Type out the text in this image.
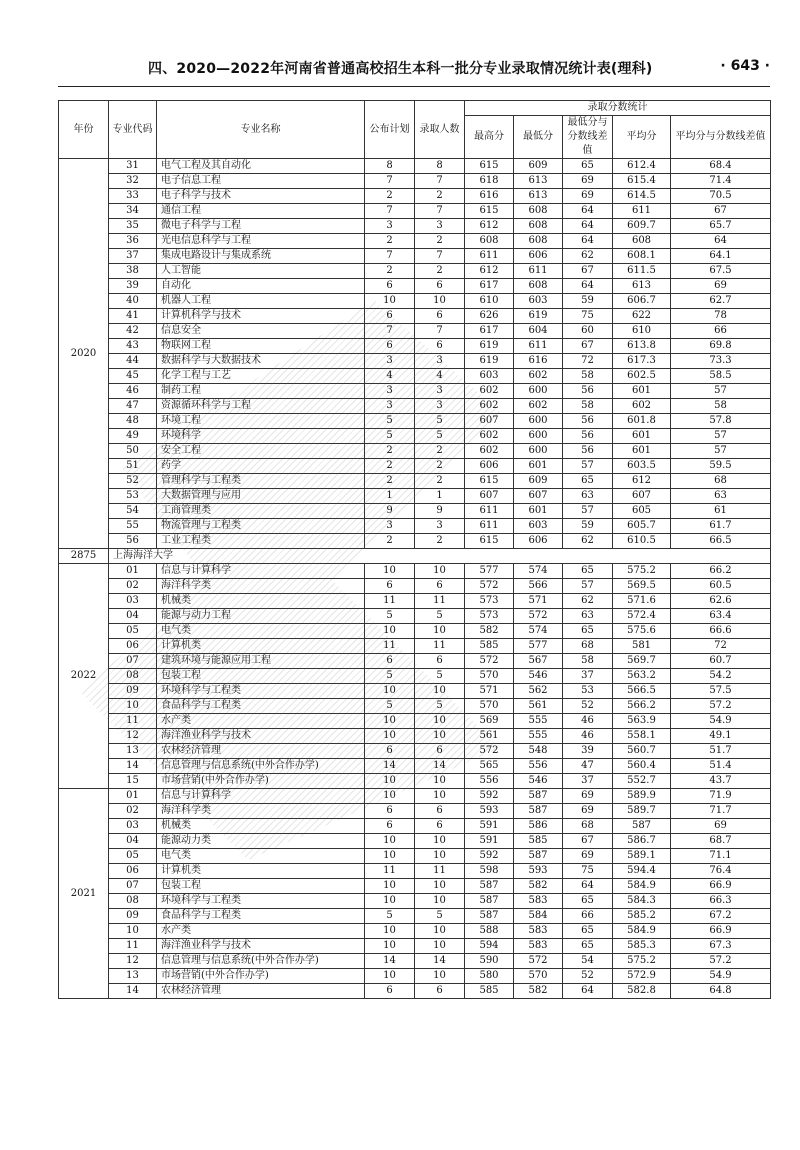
四、2020—2022年河南省普通高校招生本科一批分专业录取情况统计表(理科)	· 643 ·
年份	专业代码	专业名称	公布计划	录取人数	录取分数统计				
					最高分	最低分	最低分与分数线差值	平均分	平均分与分数线差值
2020	31	电气工程及其自动化	8	8	615	609	65	612.4	68.4
	32	电子信息工程	7	7	618	613	69	615.4	71.4
	33	电子科学与技术	2	2	616	613	69	614.5	70.5
	34	通信工程	7	7	615	608	64	611	67
	35	微电子科学与工程	3	3	612	608	64	609.7	65.7
	36	光电信息科学与工程	2	2	608	608	64	608	64
	37	集成电路设计与集成系统	7	7	611	606	62	608.1	64.1
	38	人工智能	2	2	612	611	67	611.5	67.5
	39	自动化	6	6	617	608	64	613	69
	40	机器人工程	10	10	610	603	59	606.7	62.7
	41	计算机科学与技术	6	6	626	619	75	622	78
	42	信息安全	7	7	617	604	60	610	66
	43	物联网工程	6	6	619	611	67	613.8	69.8
	44	数据科学与大数据技术	3	3	619	616	72	617.3	73.3
	45	化学工程与工艺	4	4	603	602	58	602.5	58.5
	46	制药工程	3	3	602	600	56	601	57
	47	资源循环科学与工程	3	3	602	602	58	602	58
	48	环境工程	5	5	607	600	56	601.8	57.8
	49	环境科学	5	5	602	600	56	601	57
	50	安全工程	2	2	602	600	56	601	57
	51	药学	2	2	606	601	57	603.5	59.5
	52	管理科学与工程类	2	2	615	609	65	612	68
	53	大数据管理与应用	1	1	607	607	63	607	63
	54	工商管理类	9	9	611	601	57	605	61
	55	物流管理与工程类	3	3	611	603	59	605.7	61.7
	56	工业工程类	2	2	615	606	62	610.5	66.5
2875	上海海洋大学								
2022	01	信息与计算科学	10	10	577	574	65	575.2	66.2
	02	海洋科学类	6	6	572	566	57	569.5	60.5
	03	机械类	11	11	573	571	62	571.6	62.6
	04	能源与动力工程	5	5	573	572	63	572.4	63.4
	05	电气类	10	10	582	574	65	575.6	66.6
	06	计算机类	11	11	585	577	68	581	72
	07	建筑环境与能源应用工程	6	6	572	567	58	569.7	60.7
	08	包装工程	5	5	570	546	37	563.2	54.2
	09	环境科学与工程类	10	10	571	562	53	566.5	57.5
	10	食品科学与工程类	5	5	570	561	52	566.2	57.2
	11	水产类	10	10	569	555	46	563.9	54.9
	12	海洋渔业科学与技术	10	10	561	555	46	558.1	49.1
	13	农林经济管理	6	6	572	548	39	560.7	51.7
	14	信息管理与信息系统(中外合作办学)	14	14	565	556	47	560.4	51.4
	15	市场营销(中外合作办学)	10	10	556	546	37	552.7	43.7
2021	01	信息与计算科学	10	10	592	587	69	589.9	71.9
	02	海洋科学类	6	6	593	587	69	589.7	71.7
	03	机械类	6	6	591	586	68	587	69
	04	能源动力类	10	10	591	585	67	586.7	68.7
	05	电气类	10	10	592	587	69	589.1	71.1
	06	计算机类	11	11	598	593	75	594.4	76.4
	07	包装工程	10	10	587	582	64	584.9	66.9
	08	环境科学与工程类	10	10	587	583	65	584.3	66.3
	09	食品科学与工程类	5	5	587	584	66	585.2	67.2
	10	水产类	10	10	588	583	65	584.9	66.9
	11	海洋渔业科学与技术	10	10	594	583	65	585.3	67.3
	12	信息管理与信息系统(中外合作办学)	14	14	590	572	54	575.2	57.2
	13	市场营销(中外合作办学)	10	10	580	570	52	572.9	54.9
	14	农林经济管理	6	6	585	582	64	582.8	64.8
